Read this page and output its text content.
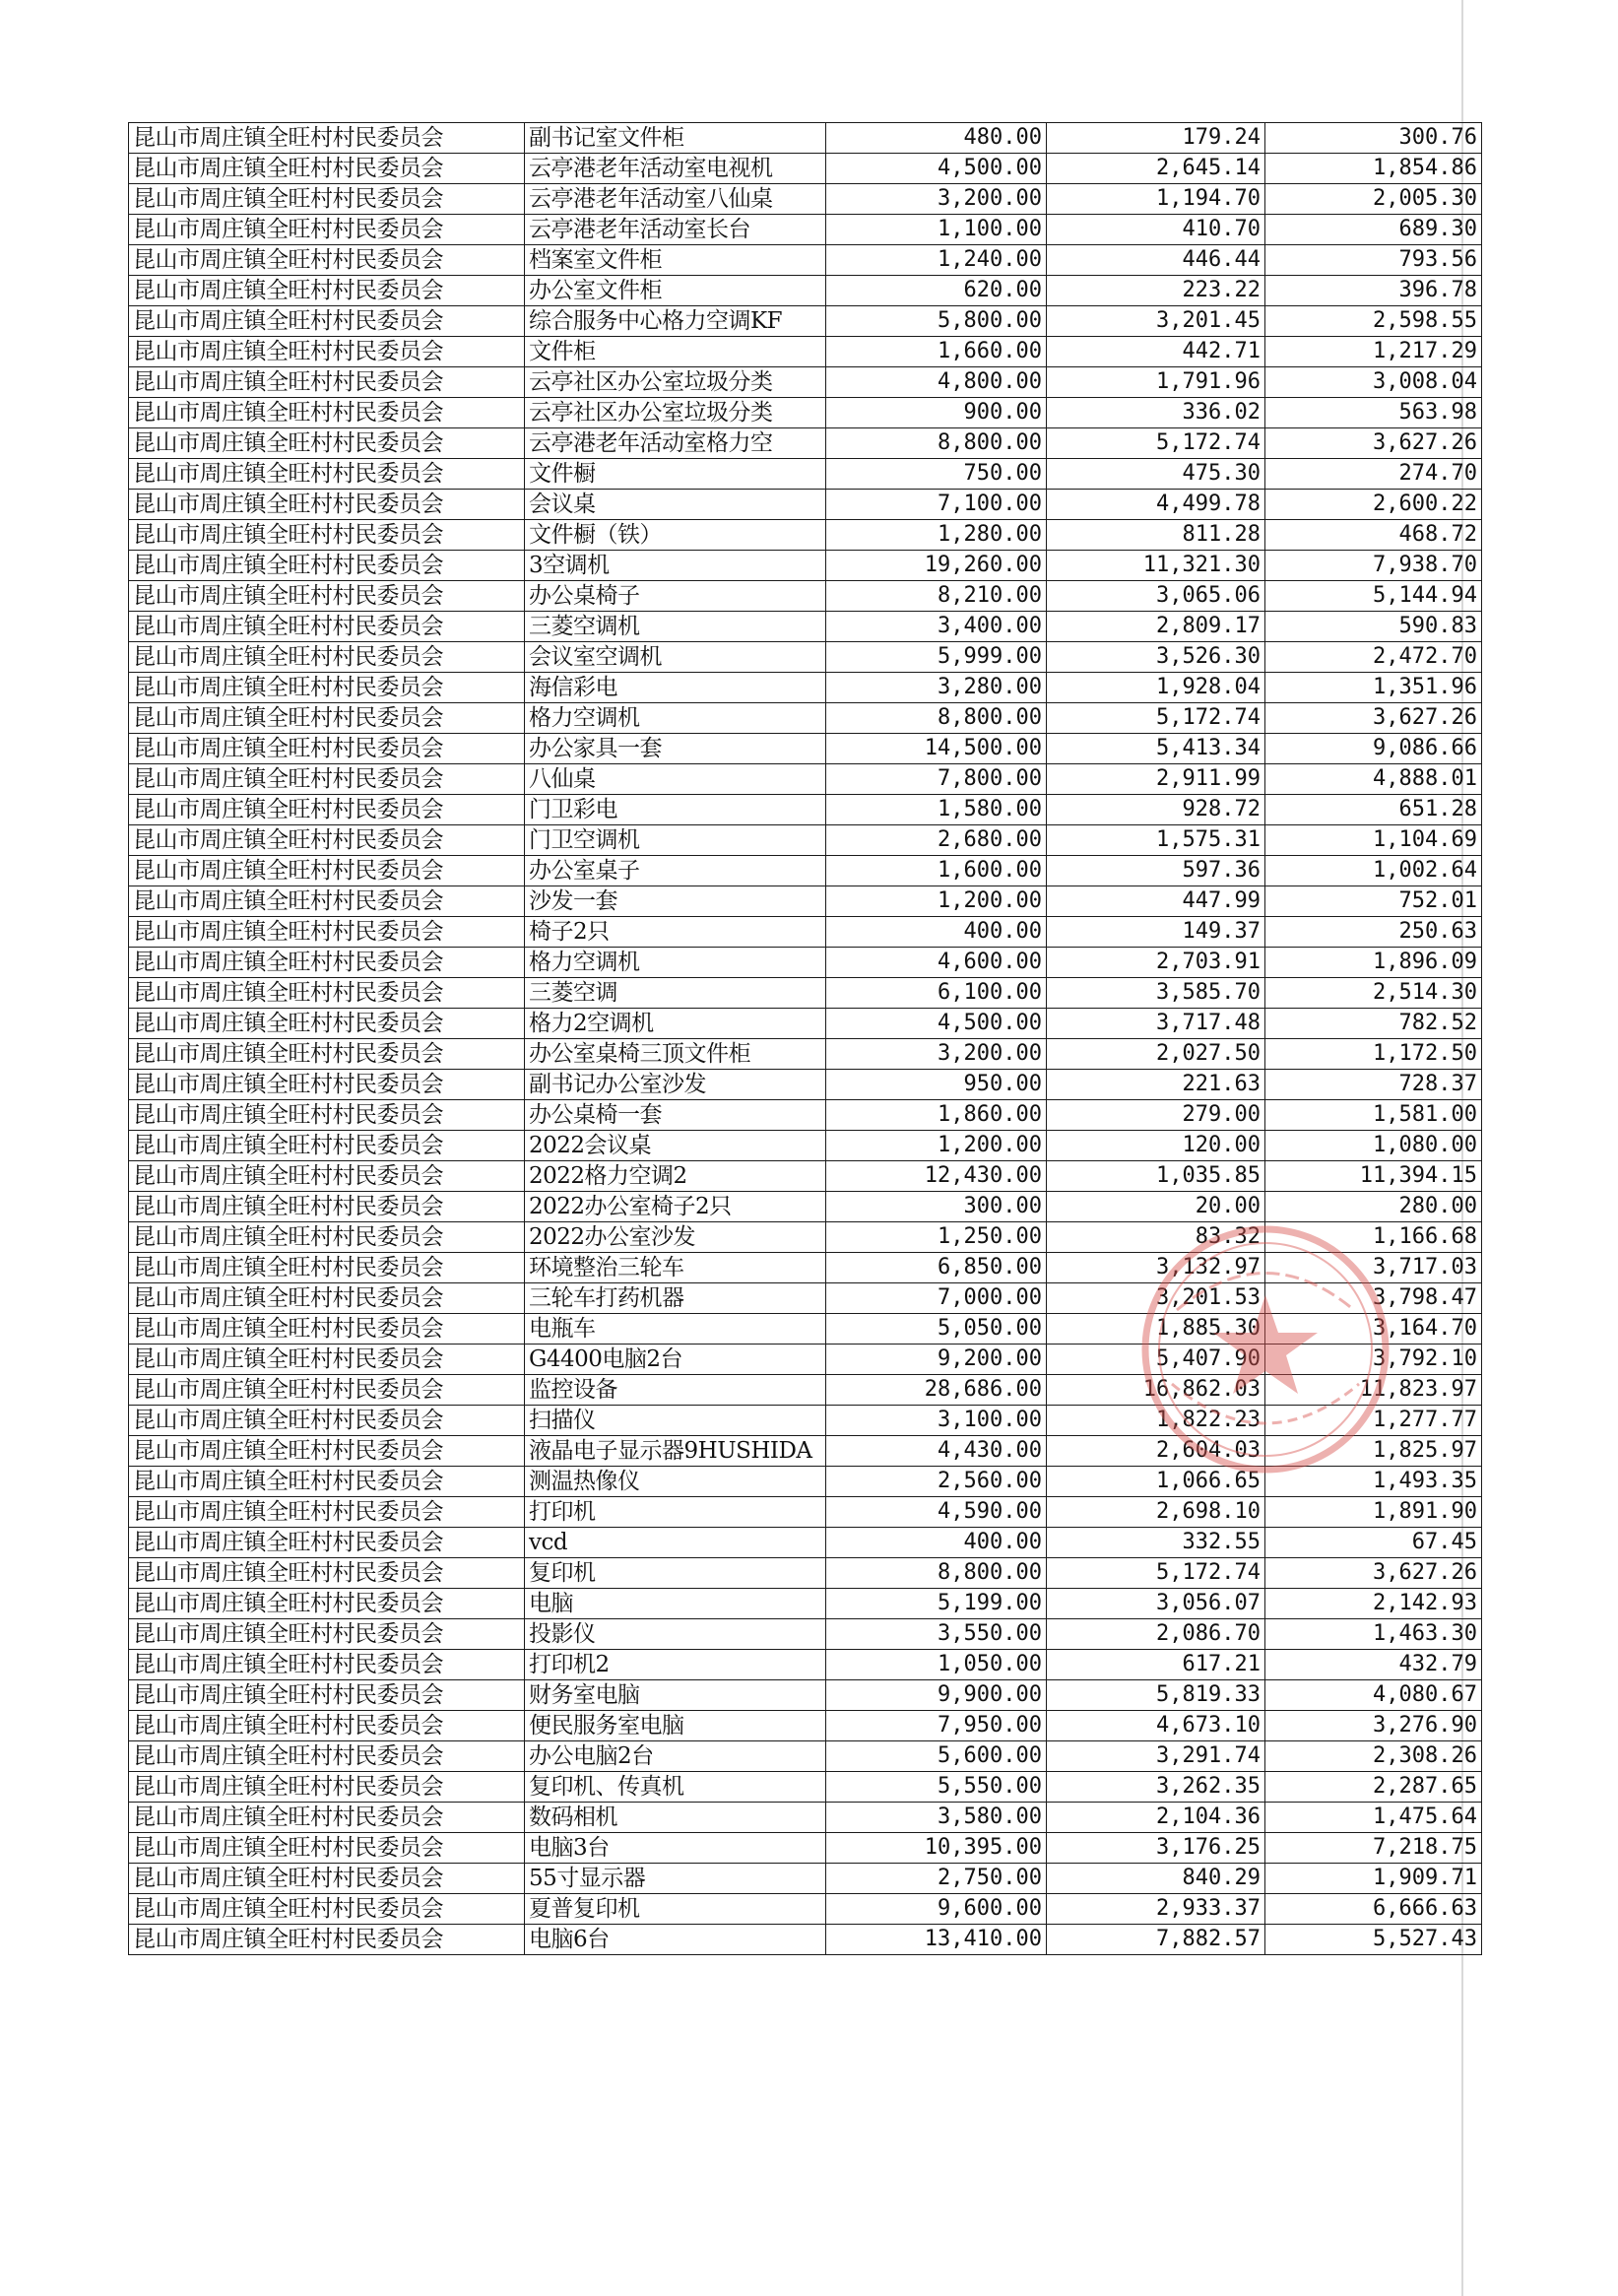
昆山市周庄镇全旺村村民委员会	副书记室文件柜	480.00	179.24	300.76
昆山市周庄镇全旺村村民委员会	云亭港老年活动室电视机	4,500.00	2,645.14	1,854.86
昆山市周庄镇全旺村村民委员会	云亭港老年活动室八仙桌	3,200.00	1,194.70	2,005.30
昆山市周庄镇全旺村村民委员会	云亭港老年活动室长台	1,100.00	410.70	689.30
昆山市周庄镇全旺村村民委员会	档案室文件柜	1,240.00	446.44	793.56
昆山市周庄镇全旺村村民委员会	办公室文件柜	620.00	223.22	396.78
昆山市周庄镇全旺村村民委员会	综合服务中心格力空调KF	5,800.00	3,201.45	2,598.55
昆山市周庄镇全旺村村民委员会	文件柜	1,660.00	442.71	1,217.29
昆山市周庄镇全旺村村民委员会	云亭社区办公室垃圾分类	4,800.00	1,791.96	3,008.04
昆山市周庄镇全旺村村民委员会	云亭社区办公室垃圾分类	900.00	336.02	563.98
昆山市周庄镇全旺村村民委员会	云亭港老年活动室格力空	8,800.00	5,172.74	3,627.26
昆山市周庄镇全旺村村民委员会	文件橱	750.00	475.30	274.70
昆山市周庄镇全旺村村民委员会	会议桌	7,100.00	4,499.78	2,600.22
昆山市周庄镇全旺村村民委员会	文件橱（铁）	1,280.00	811.28	468.72
昆山市周庄镇全旺村村民委员会	3空调机	19,260.00	11,321.30	7,938.70
昆山市周庄镇全旺村村民委员会	办公桌椅子	8,210.00	3,065.06	5,144.94
昆山市周庄镇全旺村村民委员会	三菱空调机	3,400.00	2,809.17	590.83
昆山市周庄镇全旺村村民委员会	会议室空调机	5,999.00	3,526.30	2,472.70
昆山市周庄镇全旺村村民委员会	海信彩电	3,280.00	1,928.04	1,351.96
昆山市周庄镇全旺村村民委员会	格力空调机	8,800.00	5,172.74	3,627.26
昆山市周庄镇全旺村村民委员会	办公家具一套	14,500.00	5,413.34	9,086.66
昆山市周庄镇全旺村村民委员会	八仙桌	7,800.00	2,911.99	4,888.01
昆山市周庄镇全旺村村民委员会	门卫彩电	1,580.00	928.72	651.28
昆山市周庄镇全旺村村民委员会	门卫空调机	2,680.00	1,575.31	1,104.69
昆山市周庄镇全旺村村民委员会	办公室桌子	1,600.00	597.36	1,002.64
昆山市周庄镇全旺村村民委员会	沙发一套	1,200.00	447.99	752.01
昆山市周庄镇全旺村村民委员会	椅子2只	400.00	149.37	250.63
昆山市周庄镇全旺村村民委员会	格力空调机	4,600.00	2,703.91	1,896.09
昆山市周庄镇全旺村村民委员会	三菱空调	6,100.00	3,585.70	2,514.30
昆山市周庄镇全旺村村民委员会	格力2空调机	4,500.00	3,717.48	782.52
昆山市周庄镇全旺村村民委员会	办公室桌椅三顶文件柜	3,200.00	2,027.50	1,172.50
昆山市周庄镇全旺村村民委员会	副书记办公室沙发	950.00	221.63	728.37
昆山市周庄镇全旺村村民委员会	办公桌椅一套	1,860.00	279.00	1,581.00
昆山市周庄镇全旺村村民委员会	2022会议桌	1,200.00	120.00	1,080.00
昆山市周庄镇全旺村村民委员会	2022格力空调2	12,430.00	1,035.85	11,394.15
昆山市周庄镇全旺村村民委员会	2022办公室椅子2只	300.00	20.00	280.00
昆山市周庄镇全旺村村民委员会	2022办公室沙发	1,250.00	83.32	1,166.68
昆山市周庄镇全旺村村民委员会	环境整治三轮车	6,850.00	3,132.97	3,717.03
昆山市周庄镇全旺村村民委员会	三轮车打药机器	7,000.00	3,201.53	3,798.47
昆山市周庄镇全旺村村民委员会	电瓶车	5,050.00	1,885.30	3,164.70
昆山市周庄镇全旺村村民委员会	G4400电脑2台	9,200.00	5,407.90	3,792.10
昆山市周庄镇全旺村村民委员会	监控设备	28,686.00	16,862.03	11,823.97
昆山市周庄镇全旺村村民委员会	扫描仪	3,100.00	1,822.23	1,277.77
昆山市周庄镇全旺村村民委员会	液晶电子显示器9HUSHIDA	4,430.00	2,604.03	1,825.97
昆山市周庄镇全旺村村民委员会	测温热像仪	2,560.00	1,066.65	1,493.35
昆山市周庄镇全旺村村民委员会	打印机	4,590.00	2,698.10	1,891.90
昆山市周庄镇全旺村村民委员会	vcd	400.00	332.55	67.45
昆山市周庄镇全旺村村民委员会	复印机	8,800.00	5,172.74	3,627.26
昆山市周庄镇全旺村村民委员会	电脑	5,199.00	3,056.07	2,142.93
昆山市周庄镇全旺村村民委员会	投影仪	3,550.00	2,086.70	1,463.30
昆山市周庄镇全旺村村民委员会	打印机2	1,050.00	617.21	432.79
昆山市周庄镇全旺村村民委员会	财务室电脑	9,900.00	5,819.33	4,080.67
昆山市周庄镇全旺村村民委员会	便民服务室电脑	7,950.00	4,673.10	3,276.90
昆山市周庄镇全旺村村民委员会	办公电脑2台	5,600.00	3,291.74	2,308.26
昆山市周庄镇全旺村村民委员会	复印机、传真机	5,550.00	3,262.35	2,287.65
昆山市周庄镇全旺村村民委员会	数码相机	3,580.00	2,104.36	1,475.64
昆山市周庄镇全旺村村民委员会	电脑3台	10,395.00	3,176.25	7,218.75
昆山市周庄镇全旺村村民委员会	55寸显示器	2,750.00	840.29	1,909.71
昆山市周庄镇全旺村村民委员会	夏普复印机	9,600.00	2,933.37	6,666.63
昆山市周庄镇全旺村村民委员会	电脑6台	13,410.00	7,882.57	5,527.43
